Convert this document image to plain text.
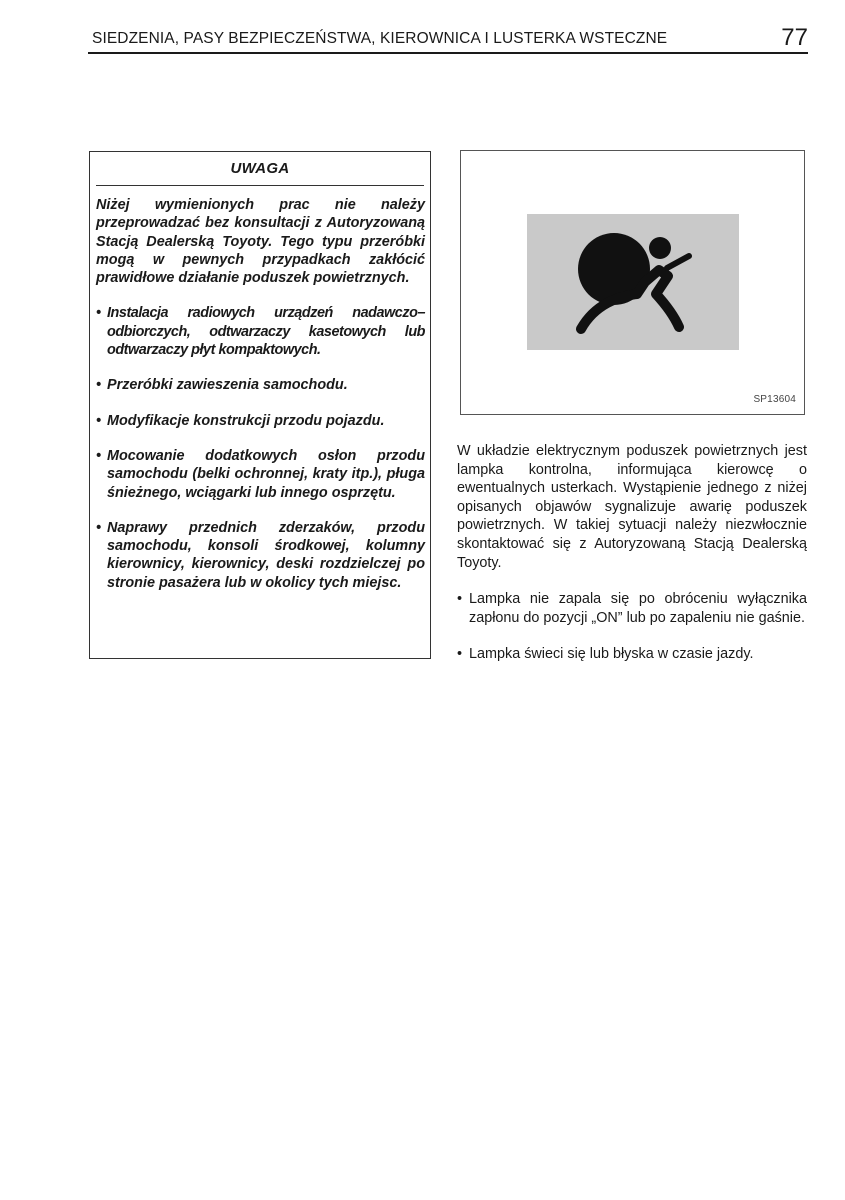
SIEDZENIA, PASY BEZPIECZEŃSTWA, KIEROWNICA I LUSTERKA WSTECZNE	77
UWAGA

Niżej wymienionych prac nie należy przeprowadzać bez konsultacji z Autoryzowaną Stacją Dealerską Toyoty. Tego typu przeróbki mogą w pewnych przypadkach zakłócić prawidłowe działanie poduszek powietrznych.

• Instalacja radiowych urządzeń nadawczo–odbiorczych, odtwarzaczy kasetowych lub odtwarzaczy płyt kompaktowych.
• Przeróbki zawieszenia samochodu.
• Modyfikacje konstrukcji przodu pojazdu.
• Mocowanie dodatkowych osłon przodu samochodu (belki ochronnej, kraty itp.), pługa śnieżnego, wciągarki lub innego osprzętu.
• Naprawy przednich zderzaków, przodu samochodu, konsoli środkowej, kolumny kierownicy, kierownicy, deski rozdzielczej po stronie pasażera lub w okolicy tych miejsc.
SP13604

W układzie elektrycznym poduszek powietrznych jest lampka kontrolna, informująca kierowcę o ewentualnych usterkach. Wystąpienie jednego z niżej opisanych objawów sygnalizuje awarię poduszek powietrznych. W takiej sytuacji należy niezwłocznie skontaktować się z Autoryzowaną Stacją Dealerską Toyoty.

• Lampka nie zapala się po obróceniu wyłącznika zapłonu do pozycji „ON” lub po zapaleniu nie gaśnie.
• Lampka świeci się lub błyska w czasie jazdy.
